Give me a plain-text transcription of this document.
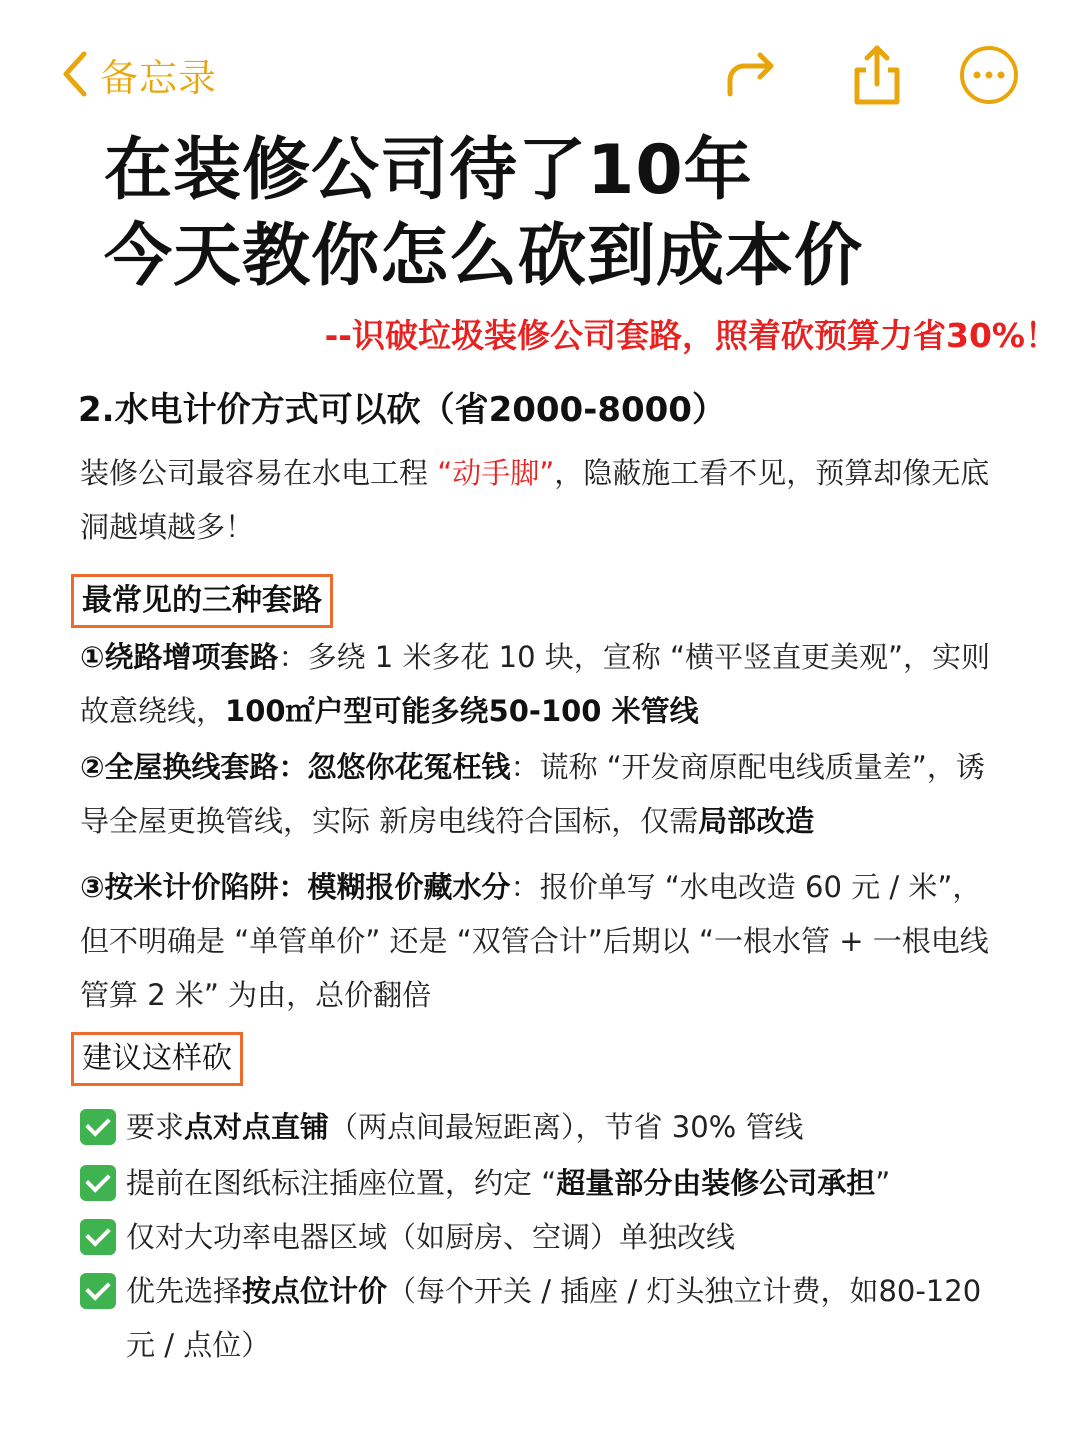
备忘录
在装修公司待了10年
今天教你怎么砍到成本价
--识破垃圾装修公司套路，照着砍预算力省30%！
2.水电计价方式可以砍（省2000-8000）
装修公司最容易在水电工程 “动手脚”，隐蔽施工看不见，预算却像无底洞越填越多！
最常见的三种套路
①绕路增项套路：多绕 1 米多花 10 块，宣称 “横平竖直更美观”，实则故意绕线，100㎡户型可能多绕50-100 米管线
②全屋换线套路：忽悠你花冤枉钱：谎称 “开发商原配电线质量差”，诱导全屋更换管线，实际 新房电线符合国标，仅需局部改造
③按米计价陷阱：模糊报价藏水分：报价单写 “水电改造 60 元 / 米”，但不明确是 “单管单价” 还是 “双管合计”后期以 “一根水管 + 一根电线管算 2 米” 为由，总价翻倍
建议这样砍
要求点对点直铺（两点间最短距离），节省 30% 管线
提前在图纸标注插座位置，约定 “超量部分由装修公司承担”
仅对大功率电器区域（如厨房、空调）单独改线
优先选择按点位计价（每个开关 / 插座 / 灯头独立计费，如80-120 元 / 点位）
